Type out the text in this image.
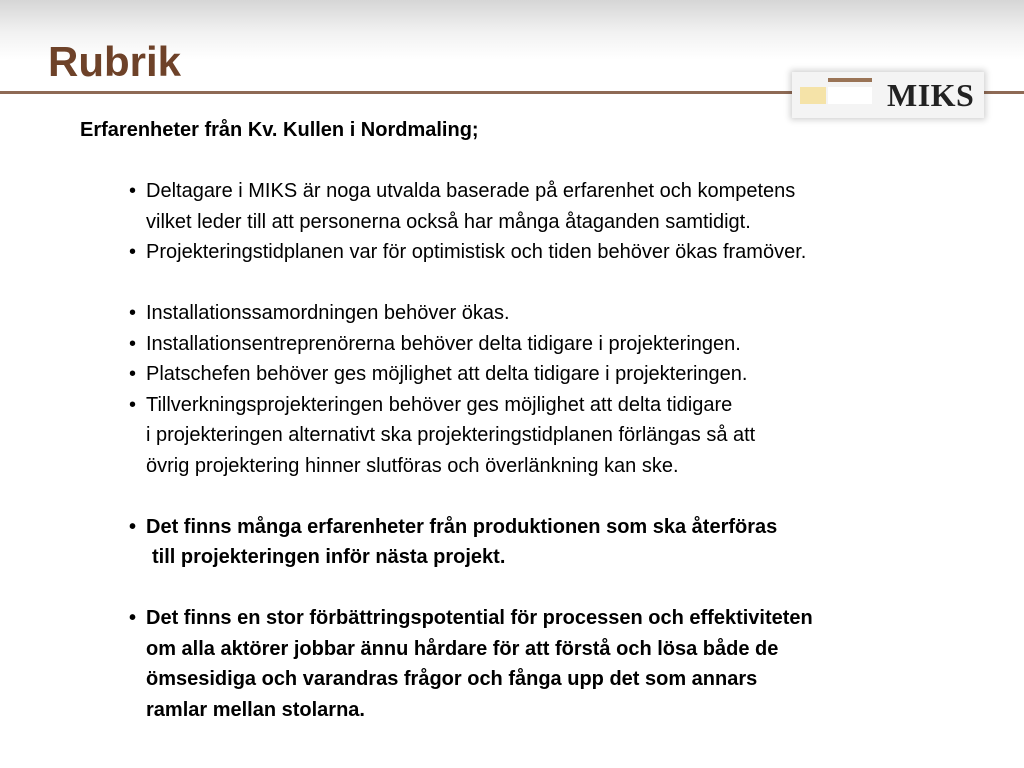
Rubrik
MIKS

Erfarenheter från Kv. Kullen i Nordmaling;

• Deltagare i MIKS är noga utvalda baserade på erfarenhet och kompetens
vilket leder till att personerna också har många åtaganden samtidigt.
• Projekteringstidplanen var för optimistisk och tiden behöver ökas framöver.
• Installationssamordningen behöver ökas.
• Installationsentreprenörerna behöver delta tidigare i projekteringen.
• Platschefen behöver ges möjlighet att delta tidigare i projekteringen.
• Tillverkningsprojekteringen behöver ges möjlighet att delta tidigare
i projekteringen alternativt ska projekteringstidplanen förlängas så att
övrig projektering hinner slutföras och överlänkning kan ske.
• Det finns många erfarenheter från produktionen som ska återföras
till projekteringen inför nästa projekt.
• Det finns en stor förbättringspotential för processen och effektiviteten
om alla aktörer jobbar ännu hårdare för att förstå och lösa både de
ömsesidiga och varandras frågor och fånga upp det som annars
ramlar mellan stolarna.
